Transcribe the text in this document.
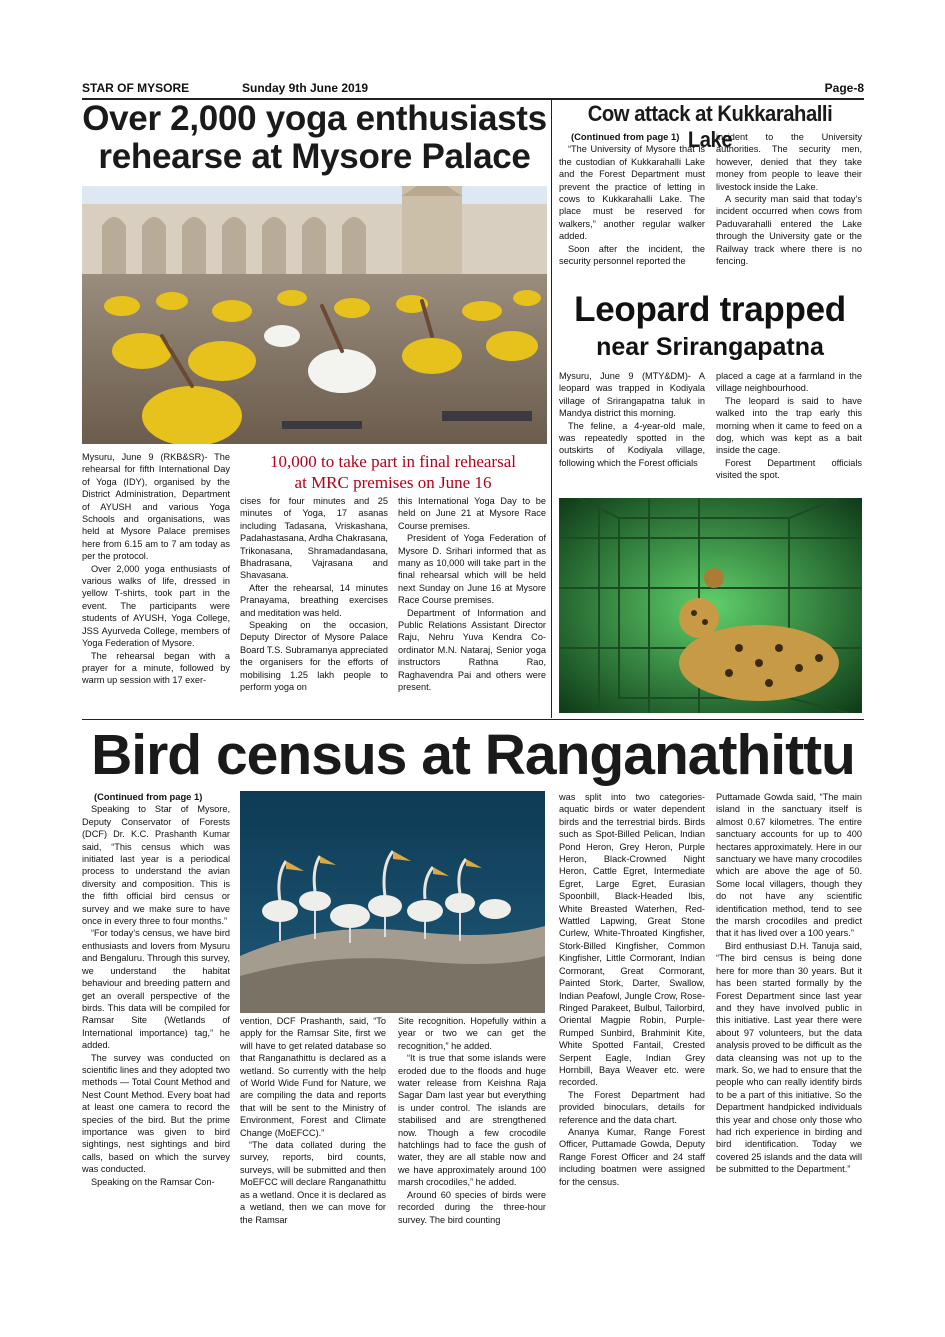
STAR OF MYSORE	Sunday 9th June 2019	Page-8
Over 2,000 yoga enthusiasts
rehearse at Mysore Palace
10,000 to take part in final rehearsal
at MRC premises on June 16

Mysuru, June 9 (RKB&SR)- The rehearsal for fifth International Day of Yoga (IDY), organised by the District Administration, Department of AYUSH and various Yoga Schools and organisations, was held at Mysore Palace premises here from 6.15 am to 7 am today as per the protocol.

Over 2,000 yoga enthusiasts of various walks of life, dressed in yellow T-shirts, took part in the event. The participants were students of AYUSH, Yoga College, JSS Ayurveda College, members of Yoga Federation of Mysore.

The rehearsal began with a prayer for a minute, followed by warm up session with 17 exer-

cises for four minutes and 25 minutes of Yoga, 17 asanas including Tadasana, Vriskashana, Padahastasana, Ardha Chakrasana, Trikonasana, Shramadandasana, Bhadrasana, Vajrasana and Shavasana.

After the rehearsal, 14 minutes Pranayama, breathing exercises and meditation was held.

Speaking on the occasion, Deputy Director of Mysore Palace Board T.S. Subramanya appreciated the organisers for the efforts of mobilising 1.25 lakh people to perform yoga on

this International Yoga Day to be held on June 21 at Mysore Race Course premises.

President of Yoga Federation of Mysore D. Srihari informed that as many as 10,000 will take part in the final rehearsal which will be held next Sunday on June 16 at Mysore Race Course premises.

Department of Information and Public Relations Assistant Director Raju, Nehru Yuva Kendra Co-ordinator M.N. Nataraj, Senior yoga instructors Rathna Rao, Raghavendra Pai and others were present.

Cow attack at Kukkarahalli Lake
(Continued from page 1)

“The University of Mysore that is the custodian of Kukkarahalli Lake and the Forest Department must prevent the practice of letting in cows to Kukkarahalli Lake. The place must be reserved for walkers,” another regular walker added.

Soon after the incident, the security personnel reported the

incident to the University authorities. The security men, however, denied that they take money from people to leave their livestock inside the Lake.

A security man said that today’s incident occurred when cows from Paduvarahalli entered the Lake through the University gate or the Railway track where there is no fencing.

Leopard trapped
near Srirangapatna

Mysuru, June 9 (MTY&DM)- A leopard was trapped in Kodiyala village of Srirangapatna taluk in Mandya district this morning.

The feline, a 4-year-old male, was repeatedly spotted in the outskirts of Kodiyala village, following which the Forest officials

placed a cage at a farmland in the village neighbourhood.

The leopard is said to have walked into the trap early this morning when it came to feed on a dog, which was kept as a bait inside the cage.

Forest Department officials visited the spot.

Bird census at Ranganathittu
(Continued from page 1)

Speaking to Star of Mysore, Deputy Conservator of Forests (DCF) Dr. K.C. Prashanth Kumar said, “This census which was initiated last year is a periodical process to understand the avian diversity and composition. This is the fifth official bird census or survey and we make sure to have once in every three to four months.”

“For today’s census, we have bird enthusiasts and lovers from Mysuru and Bengaluru. Through this survey, we understand the habitat behaviour and breeding pattern and get an overall perspective of the birds. This data will be compiled for Ramsar Site (Wetlands of International importance) tag,” he added.

The survey was conducted on scientific lines and they adopted two methods — Total Count Method and Nest Count Method. Every boat had at least one camera to record the species of the bird. But the prime importance was given to bird sightings, nest sightings and bird calls, based on which the survey was conducted.

Speaking on the Ramsar Con-

vention, DCF Prashanth, said, “To apply for the Ramsar Site, first we will have to get related database so that Ranganathittu is declared as a wetland. So currently with the help of World Wide Fund for Nature, we are compiling the data and reports that will be sent to the Ministry of Environment, Forest and Climate Change (MoEFCC).”

“The data collated during the survey, reports, bird counts, surveys, will be submitted and then MoEFCC will declare Ranganathittu as a wetland. Once it is declared as a wetland, then we can move for the Ramsar

Site recognition. Hopefully within a year or two we can get the recognition,” he added.

“It is true that some islands were eroded due to the floods and huge water release from Keishna Raja Sagar Dam last year but everything is under control. The islands are stabilised and are strengthened now. Though a few crocodile hatchlings had to face the gush of water, they are all stable now and we have approximately around 100 marsh crocodiles,” he added.

Around 60 species of birds were recorded during the three-hour survey. The bird counting

was split into two categories-aquatic birds or water dependent birds and the terrestrial birds. Birds such as Spot-Billed Pelican, Indian Pond Heron, Grey Heron, Purple Heron, Black-Crowned Night Heron, Cattle Egret, Intermediate Egret, Large Egret, Eurasian Spoonbill, Black-Headed Ibis, White Breasted Waterhen, Red-Wattled Lapwing, Great Stone Curlew, White-Throated Kingfisher, Stork-Billed Kingfisher, Common Kingfisher, Little Cormorant, Indian Cormorant, Great Cormorant, Painted Stork, Darter, Swallow, Indian Peafowl, Jungle Crow, Rose-Ringed Parakeet, Bulbul, Tailorbird, Oriental Magpie Robin, Purple-Rumped Sunbird, Brahminit Kite, White Spotted Fantail, Crested Serpent Eagle, Indian Grey Hornbill, Baya Weaver etc. were recorded.

The Forest Department had provided binoculars, details for reference and the data chart.

Ananya Kumar, Range Forest Officer, Puttamade Gowda, Deputy Range Forest Officer and 24 staff including boatmen were assigned for the census.

Puttamade Gowda said, “The main island in the sanctuary itself is almost 0.67 kilometres. The entire sanctuary accounts for up to 400 hectares approximately. Here in our sanctuary we have many crocodiles which are above the age of 50. Some local villagers, though they do not have any scientific identification method, tend to see the marsh crocodiles and predict that it has lived over a 100 years.”

Bird enthusiast D.H. Tanuja said, “The bird census is being done here for more than 30 years. But it has been started formally by the Forest Department since last year and they have involved public in this initiative. Last year there were about 97 volunteers, but the data analysis proved to be difficult as the data cleansing was not up to the mark. So, we had to ensure that the people who can really identify birds to be a part of this initiative. So the Department handpicked individuals this year and chose only those who had rich experience in birding and bird identification. Today we covered 25 islands and the data will be submitted to the Department.”
